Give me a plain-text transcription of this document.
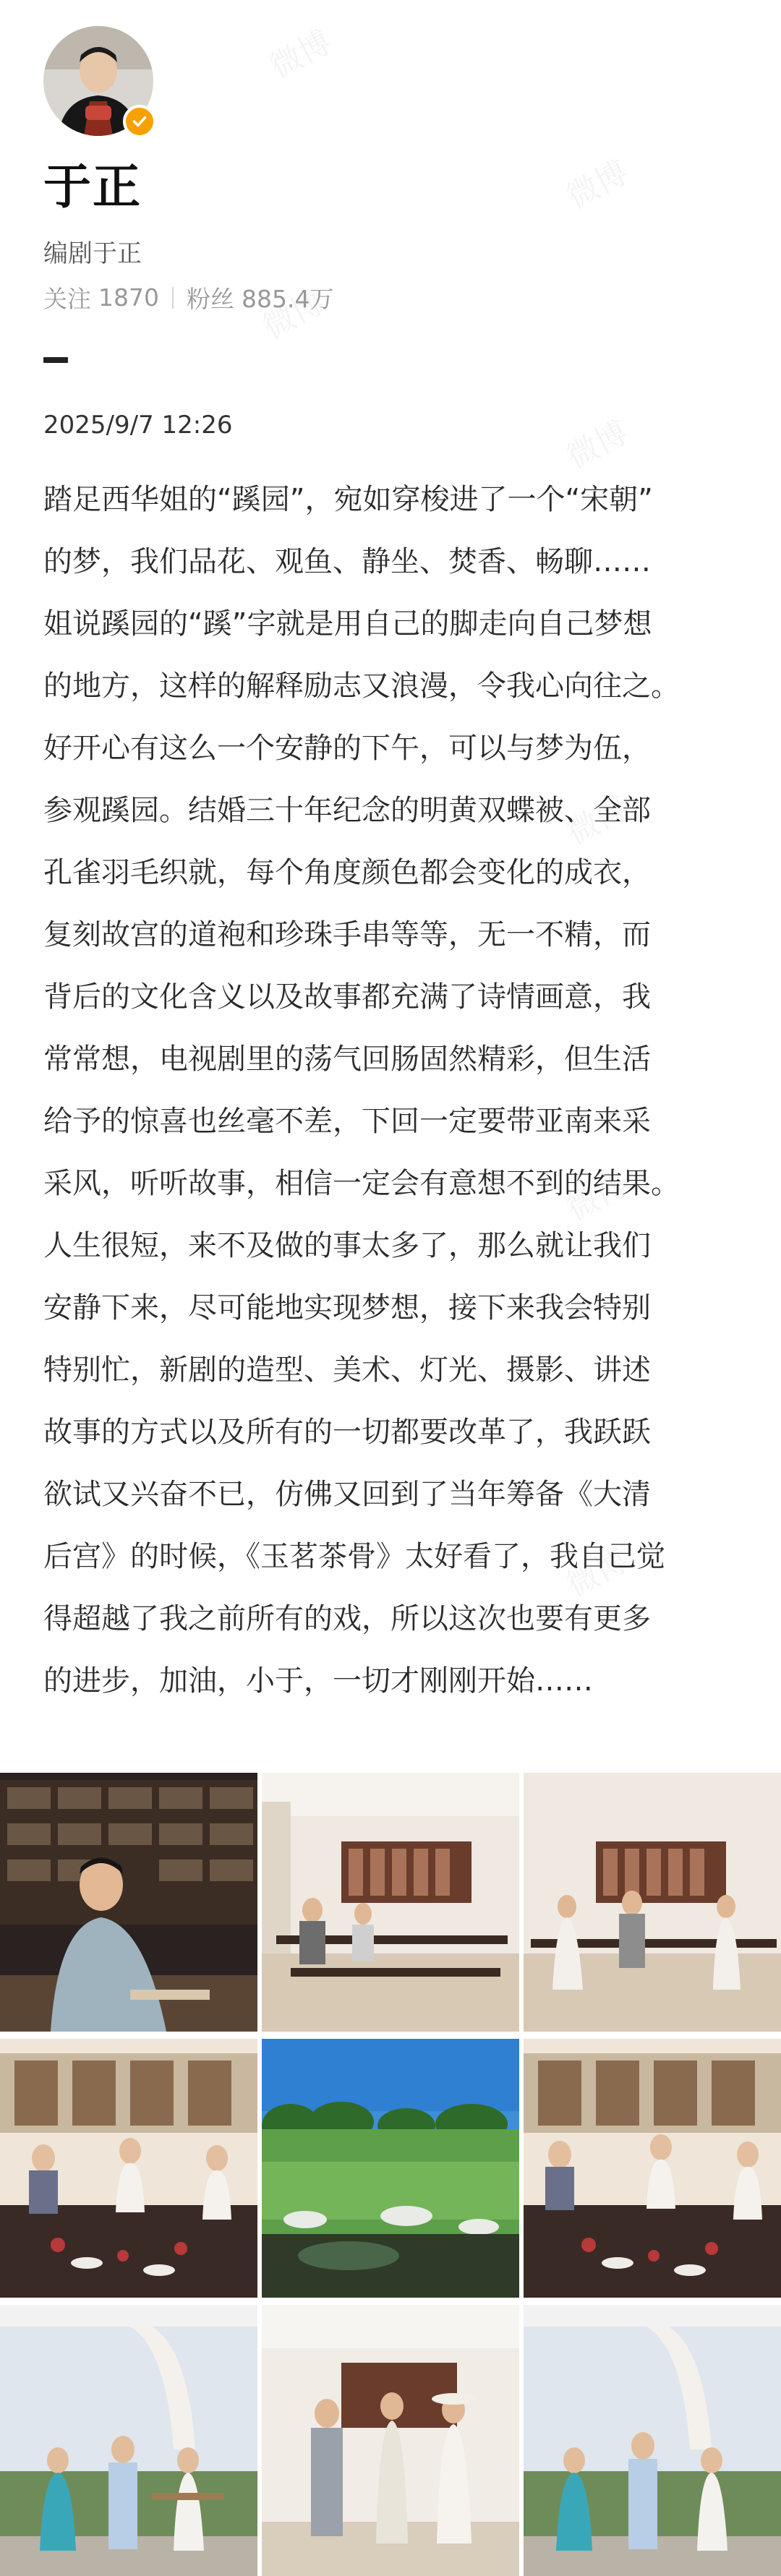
于正
编剧于正
关注 1870 粉丝 885.4万
2025/9/7 12:26

踏足西华姐的“蹊园”，宛如穿梭进了一个“宋朝”

的梦，我们品花、观鱼、静坐、焚香、畅聊……

姐说蹊园的“蹊”字就是用自己的脚走向自己梦想

的地方，这样的解释励志又浪漫，令我心向往之。

好开心有这么一个安静的下午，可以与梦为伍，

参观蹊园。结婚三十年纪念的明黄双蝶被、全部

孔雀羽毛织就，每个角度颜色都会变化的成衣，

复刻故宫的道袍和珍珠手串等等，无一不精，而

背后的文化含义以及故事都充满了诗情画意，我

常常想，电视剧里的荡气回肠固然精彩，但生活

给予的惊喜也丝毫不差，下回一定要带亚南来采

采风，听听故事，相信一定会有意想不到的结果。

人生很短，来不及做的事太多了，那么就让我们

安静下来，尽可能地实现梦想，接下来我会特别

特别忙，新剧的造型、美术、灯光、摄影、讲述

故事的方式以及所有的一切都要改革了，我跃跃

欲试又兴奋不已，仿佛又回到了当年筹备《大清

后宫》的时候，《玉茗茶骨》太好看了，我自己觉

得超越了我之前所有的戏，所以这次也要有更多

的进步，加油，小于，一切才刚刚开始……
